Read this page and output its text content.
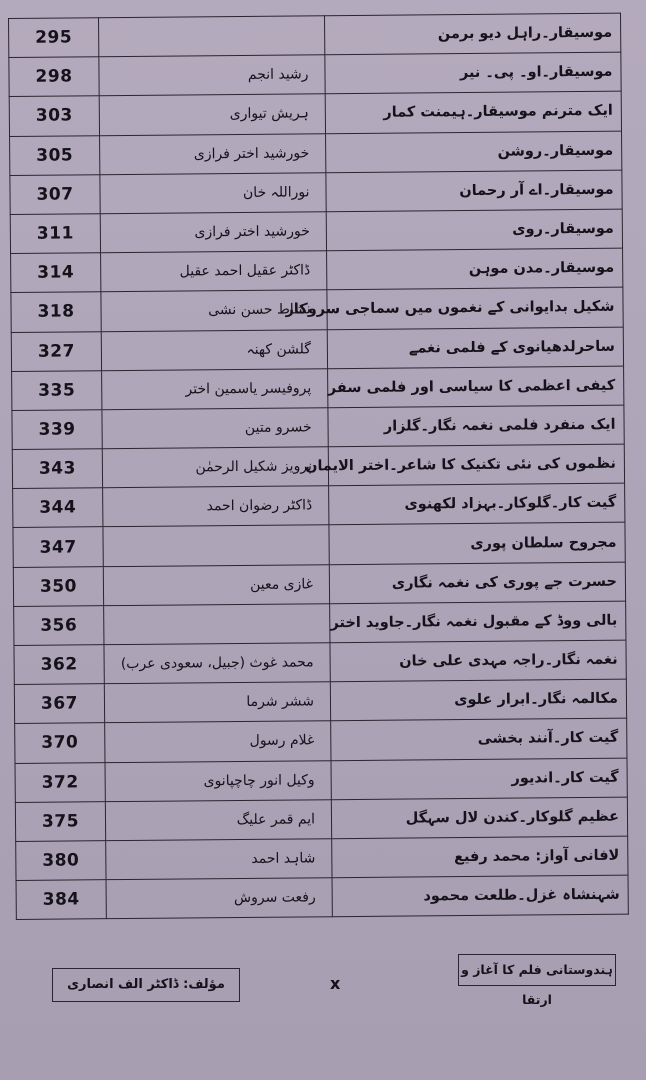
295		موسیقار۔راہل دیو برمن
298	رشید انجم	موسیقار۔او۔ پی۔ نیر
303	ہریش تیواری	ایک مترنم موسیقار۔ہیمنت کمار
305	خورشید اختر فرازی	موسیقار۔روشن
307	نوراللہ خان	موسیقار۔اے آر رحمان
311	خورشید اختر فرازی	موسیقار۔روی
314	ڈاکٹر عقیل احمد عقیل	موسیقار۔مدن موہن
318	نشاط حسن نشی	شکیل بدایوانی کے نغموں میں سماجی سروکار
327	گلشن کھنہ	ساحرلدھیانوی کے فلمی نغمے
335	پروفیسر یاسمین اختر	کیفی اعظمی کا سیاسی اور فلمی سفر
339	خسرو متین	ایک منفرد فلمی نغمہ نگار۔گلزار
343	پرویز شکیل الرحمٰن	نظموں کی نئی تکنیک کا شاعر۔اختر الایمان
344	ڈاکٹر رضوان احمد	گیت کار۔گلوکار۔بہزاد لکھنوی
347		مجروح سلطان پوری
350	غازی معین	حسرت جے پوری کی نغمہ نگاری
356		بالی ووڈ کے مقبول نغمہ نگار۔جاوید اختر
362	محمد غوث (جبیل، سعودی عرب)	نغمہ نگار۔راجہ مہدی علی خان
367	ششر شرما	مکالمہ نگار۔ابرار علوی
370	غلام رسول	گیت کار۔آنند بخشی
372	وکیل انور چاچپانوی	گیت کار۔اندیور
375	ایم قمر علیگ	عظیم گلوکار۔کندن لال سہگل
380	شاہد احمد	لافانی آواز: محمد رفیع
384	رفعت سروش	شہنشاہ غزل۔طلعت محمود
مؤلف: ڈاکٹر الف انصاری	x
ہندوستانی فلم کا آغاز و ارتقا
